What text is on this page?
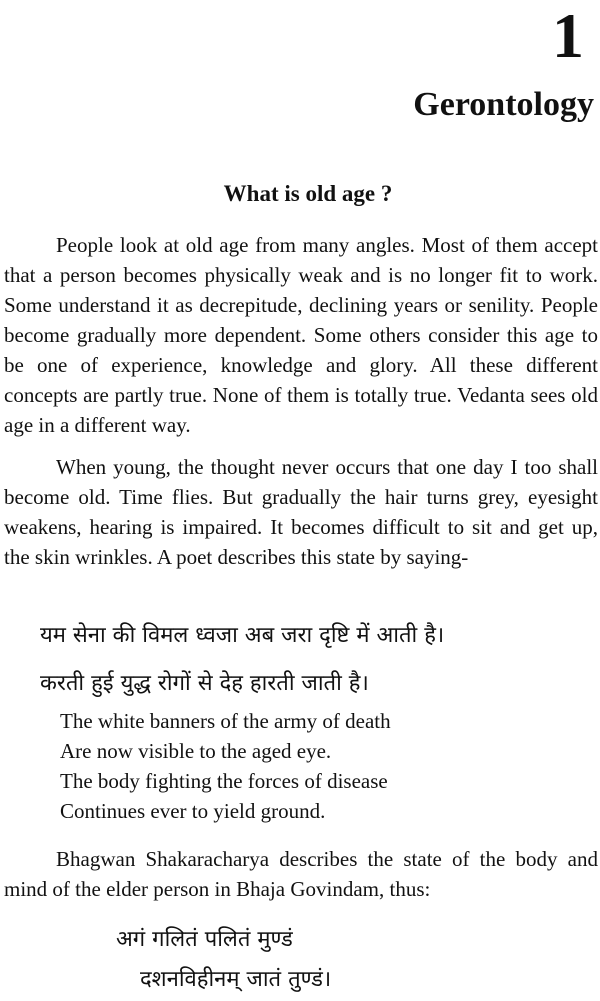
1
Gerontology
What is old age ?

People look at old age from many angles. Most of them accept that a person becomes physically weak and is no longer fit to work. Some understand it as decrepitude, declining years or senility. People become gradually more dependent. Some others consider this age to be one of experience, knowledge and glory. All these different concepts are partly true. None of them is totally true. Vedanta sees old age in a different way.

When young, the thought never occurs that one day I too shall become old. Time flies. But gradually the hair turns grey, eyesight weakens, hearing is impaired. It becomes difficult to sit and get up, the skin wrinkles. A poet describes this state by saying-

यम सेना की विमल ध्वजा अब जरा दृष्टि में आती है।
करती हुई युद्ध रोगों से देह हारती जाती है।
The white banners of the army of death
Are now visible to the aged eye.
The body fighting the forces of disease
Continues ever to yield ground.

Bhagwan Shakaracharya describes the state of the body and mind of the elder person in Bhaja Govindam, thus:

अगं गलितं पलितं मुण्डं
दशनविहीनम् जातं तुण्डं।
